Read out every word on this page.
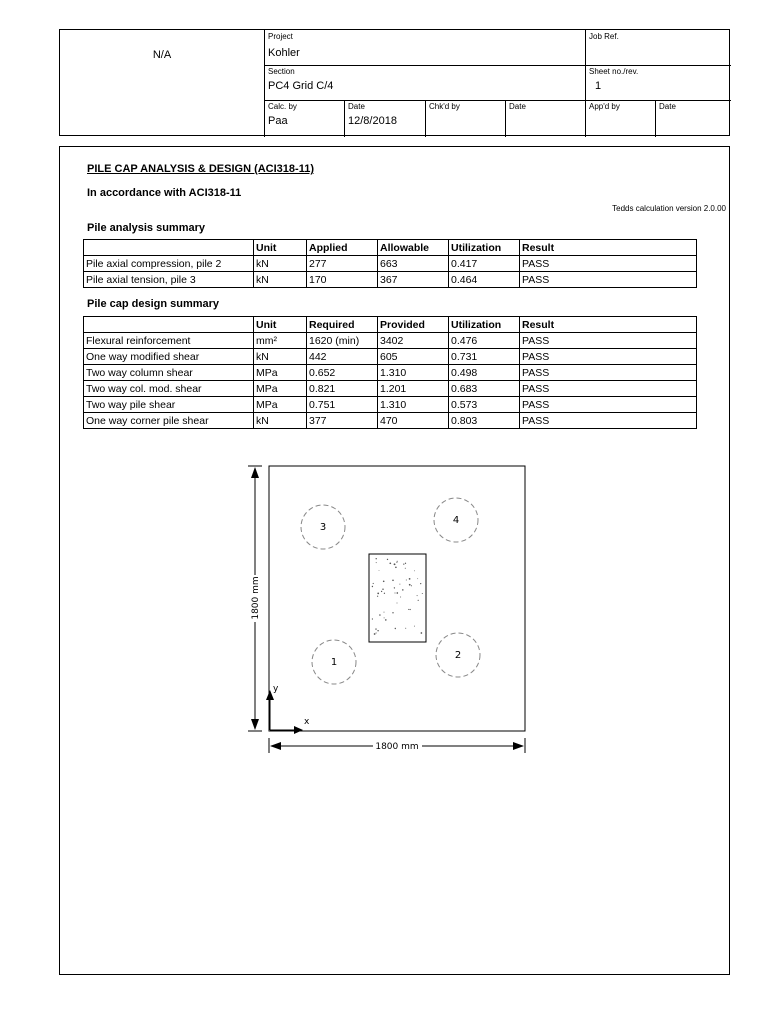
N/A
Project
Kohler
Job Ref.
Section
PC4 Grid C/4
Sheet no./rev.
1
Calc. by
Paa
Date
12/8/2018
Chk'd by	Date	App'd by	Date
PILE CAP ANALYSIS & DESIGN (ACI318-11)
In accordance with ACI318-11
Tedds calculation version 2.0.00
Pile analysis summary
	Unit	Applied	Allowable	Utilization	Result
Pile axial compression, pile 2	kN	277	663	0.417	PASS
Pile axial tension, pile 3	kN	170	367	0.464	PASS
Pile cap design summary
	Unit	Required	Provided	Utilization	Result
Flexural reinforcement	mm²	1620 (min)	3402	0.476	PASS
One way modified shear	kN	442	605	0.731	PASS
Two way column shear	MPa	0.652	1.310	0.498	PASS
Two way col. mod. shear	MPa	0.821	1.201	0.683	PASS
Two way pile shear	MPa	0.751	1.310	0.573	PASS
One way corner pile shear	kN	377	470	0.803	PASS
1
2
3
4
y
x
1800 mm
1800 mm
